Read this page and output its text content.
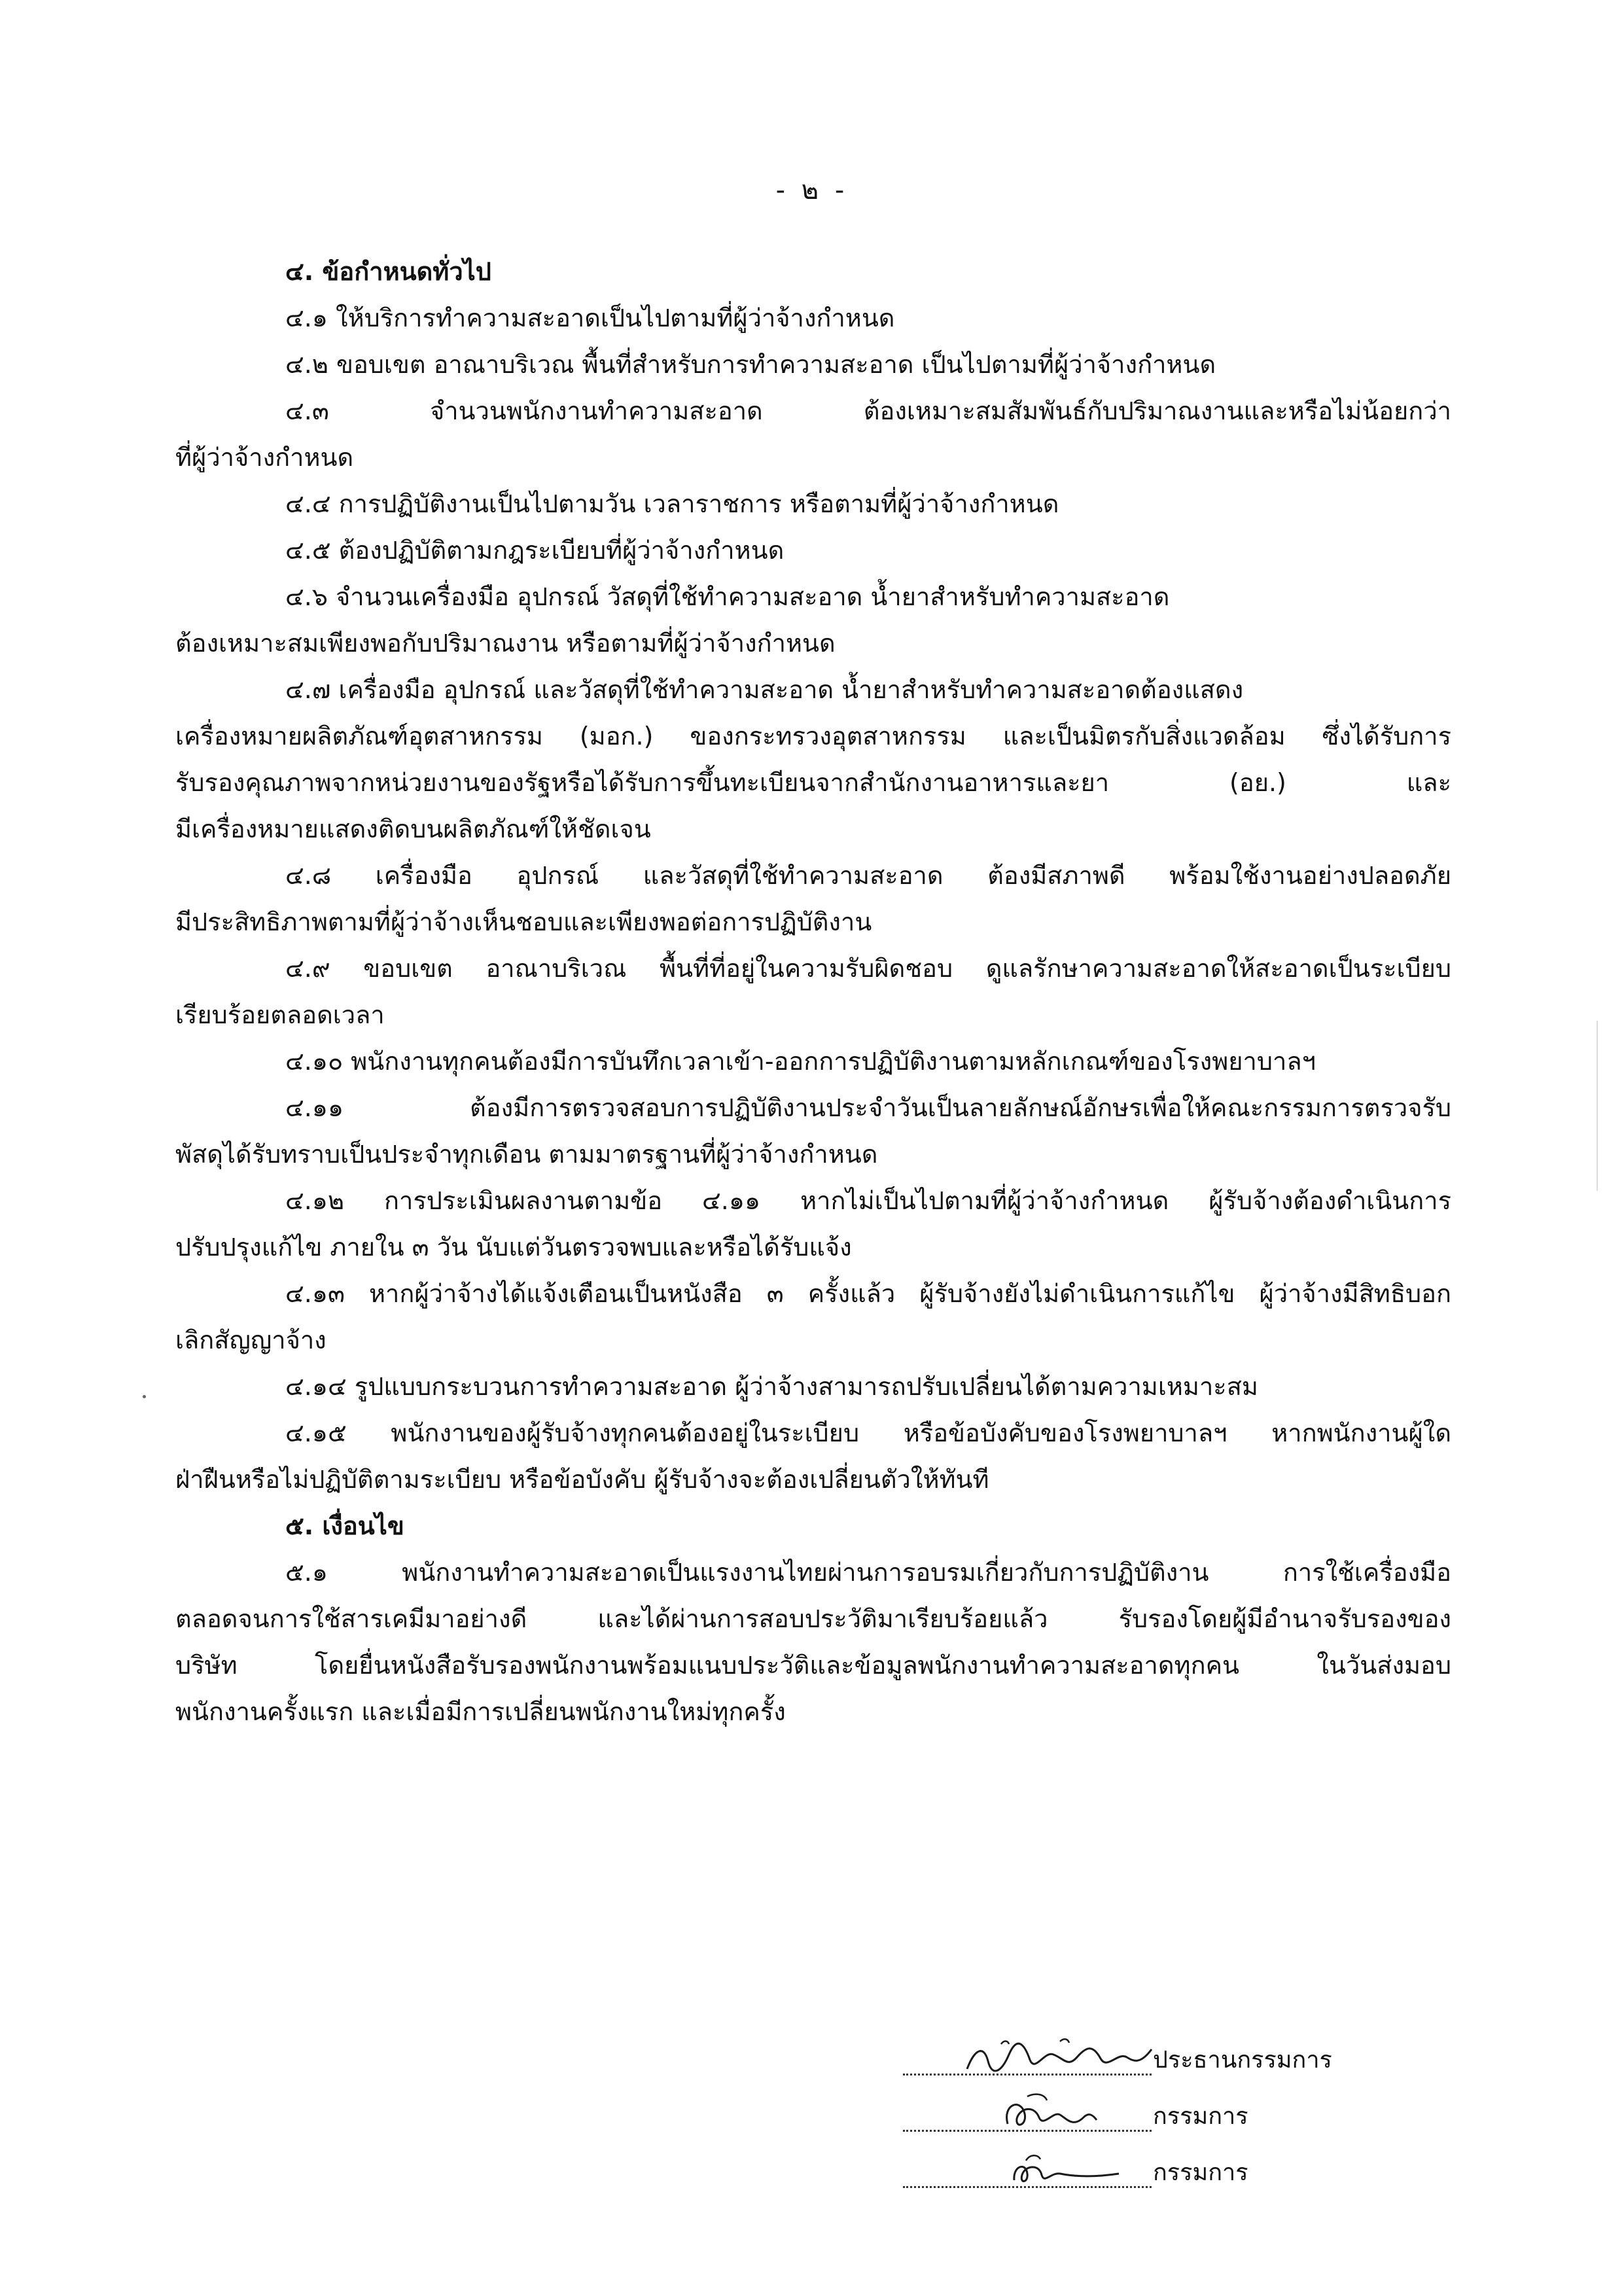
- ๒ -
๔. ข้อกำหนดทั่วไป
๔.๑ ให้บริการทำความสะอาดเป็นไปตามที่ผู้ว่าจ้างกำหนด
๔.๒ ขอบเขต อาณาบริเวณ พื้นที่สำหรับการทำความสะอาด เป็นไปตามที่ผู้ว่าจ้างกำหนด
๔.๓ จำนวนพนักงานทำความสะอาด ต้องเหมาะสมสัมพันธ์กับปริมาณงานและหรือไม่น้อยกว่า
ที่ผู้ว่าจ้างกำหนด
๔.๔ การปฏิบัติงานเป็นไปตามวัน เวลาราชการ หรือตามที่ผู้ว่าจ้างกำหนด
๔.๕ ต้องปฏิบัติตามกฎระเบียบที่ผู้ว่าจ้างกำหนด
๔.๖ จำนวนเครื่องมือ อุปกรณ์ วัสดุที่ใช้ทำความสะอาด น้ำยาสำหรับทำความสะอาด
ต้องเหมาะสมเพียงพอกับปริมาณงาน หรือตามที่ผู้ว่าจ้างกำหนด
๔.๗ เครื่องมือ อุปกรณ์ และวัสดุที่ใช้ทำความสะอาด น้ำยาสำหรับทำความสะอาดต้องแสดง
เครื่องหมายผลิตภัณฑ์อุตสาหกรรม (มอก.) ของกระทรวงอุตสาหกรรม และเป็นมิตรกับสิ่งแวดล้อม ซึ่งได้รับการ
รับรองคุณภาพจากหน่วยงานของรัฐหรือได้รับการขึ้นทะเบียนจากสำนักงานอาหารและยา (อย.) และ
มีเครื่องหมายแสดงติดบนผลิตภัณฑ์ให้ชัดเจน
๔.๘ เครื่องมือ อุปกรณ์ และวัสดุที่ใช้ทำความสะอาด ต้องมีสภาพดี พร้อมใช้งานอย่างปลอดภัย
มีประสิทธิภาพตามที่ผู้ว่าจ้างเห็นชอบและเพียงพอต่อการปฏิบัติงาน
๔.๙ ขอบเขต อาณาบริเวณ พื้นที่ที่อยู่ในความรับผิดชอบ ดูแลรักษาความสะอาดให้สะอาดเป็นระเบียบ
เรียบร้อยตลอดเวลา
๔.๑๐ พนักงานทุกคนต้องมีการบันทึกเวลาเข้า-ออกการปฏิบัติงานตามหลักเกณฑ์ของโรงพยาบาลฯ
๔.๑๑ ต้องมีการตรวจสอบการปฏิบัติงานประจำวันเป็นลายลักษณ์อักษรเพื่อให้คณะกรรมการตรวจรับ
พัสดุได้รับทราบเป็นประจำทุกเดือน ตามมาตรฐานที่ผู้ว่าจ้างกำหนด
๔.๑๒ การประเมินผลงานตามข้อ ๔.๑๑ หากไม่เป็นไปตามที่ผู้ว่าจ้างกำหนด ผู้รับจ้างต้องดำเนินการ
ปรับปรุงแก้ไข ภายใน ๓ วัน นับแต่วันตรวจพบและหรือได้รับแจ้ง
๔.๑๓ หากผู้ว่าจ้างได้แจ้งเตือนเป็นหนังสือ ๓ ครั้งแล้ว ผู้รับจ้างยังไม่ดำเนินการแก้ไข ผู้ว่าจ้างมีสิทธิบอก
เลิกสัญญาจ้าง
๔.๑๔ รูปแบบกระบวนการทำความสะอาด ผู้ว่าจ้างสามารถปรับเปลี่ยนได้ตามความเหมาะสม
๔.๑๕ พนักงานของผู้รับจ้างทุกคนต้องอยู่ในระเบียบ หรือข้อบังคับของโรงพยาบาลฯ หากพนักงานผู้ใด
ฝ่าฝืนหรือไม่ปฏิบัติตามระเบียบ หรือข้อบังคับ ผู้รับจ้างจะต้องเปลี่ยนตัวให้ทันที
๕. เงื่อนไข
๕.๑ พนักงานทำความสะอาดเป็นแรงงานไทยผ่านการอบรมเกี่ยวกับการปฏิบัติงาน การใช้เครื่องมือ
ตลอดจนการใช้สารเคมีมาอย่างดี และได้ผ่านการสอบประวัติมาเรียบร้อยแล้ว รับรองโดยผู้มีอำนาจรับรองของ
บริษัท โดยยื่นหนังสือรับรองพนักงานพร้อมแนบประวัติและข้อมูลพนักงานทำความสะอาดทุกคน ในวันส่งมอบ
พนักงานครั้งแรก และเมื่อมีการเปลี่ยนพนักงานใหม่ทุกครั้ง
ประธานกรรมการ
กรรมการ
กรรมการ
